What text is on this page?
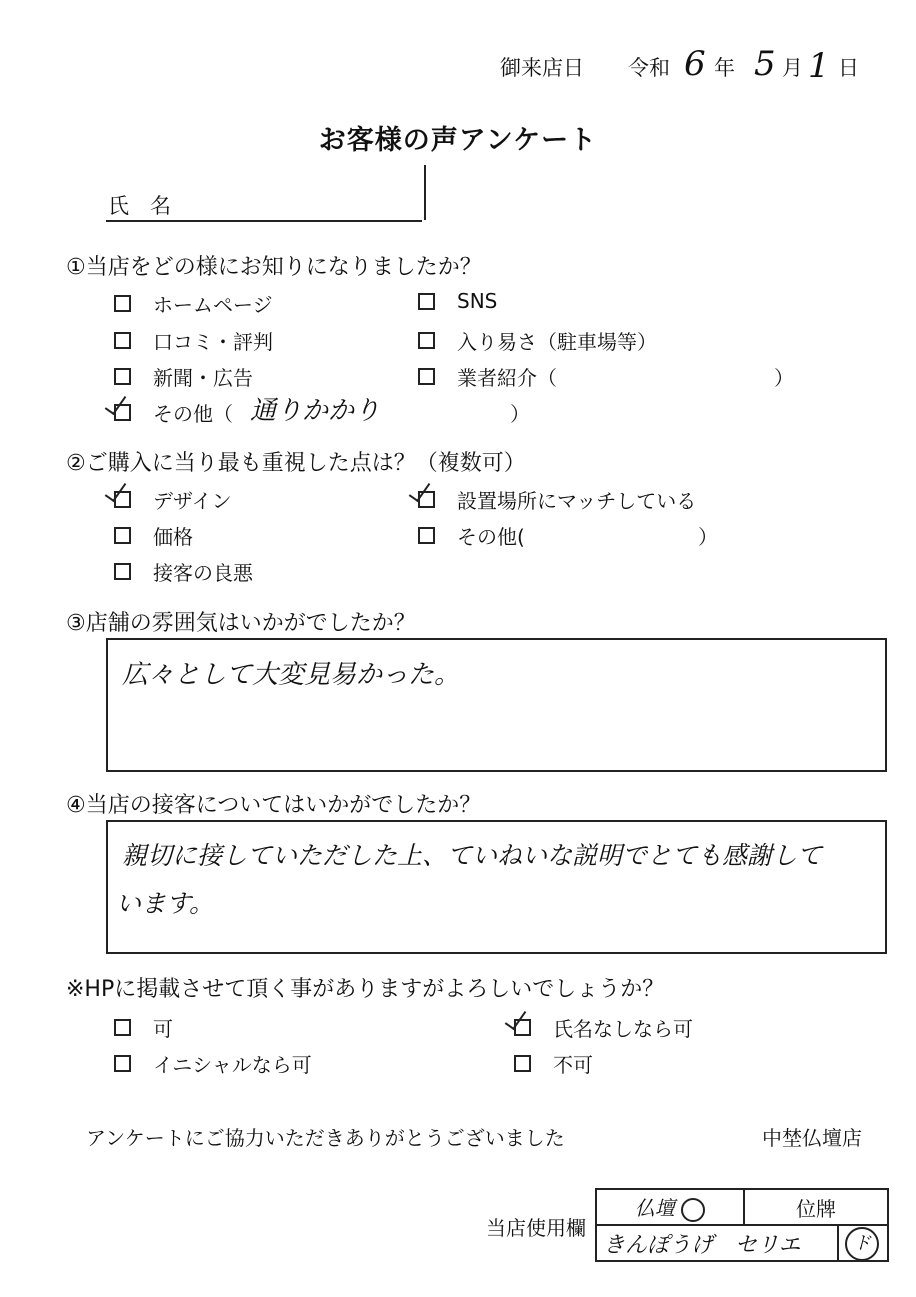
御来店日 令和 6 年 5 月 1 日
お客様の声アンケート
氏　名
①当店をどの様にお知りになりましたか？
ホームページ	SNS
口コミ・評判	入り易さ（駐車場等）
新聞・広告	業者紹介（	）
その他（ 通りかかり	）
②ご購入に当り最も重視した点は？（複数可）
デザイン	設置場所にマッチしている
価格	その他(	）
接客の良悪
③店舗の雰囲気はいかがでしたか？
広々として大変見易かった。
④当店の接客についてはいかがでしたか？
親切に接していただした上、ていねいな説明でとても感謝して
います。
※HPに掲載させて頂く事がありますがよろしいでしょうか？
可	氏名なしなら可
イニシャルなら可	不可
アンケートにご協力いただきありがとうございました	中埜仏壇店
当店使用欄
仏壇	位牌
きんぽうげ　セリエ	ド
